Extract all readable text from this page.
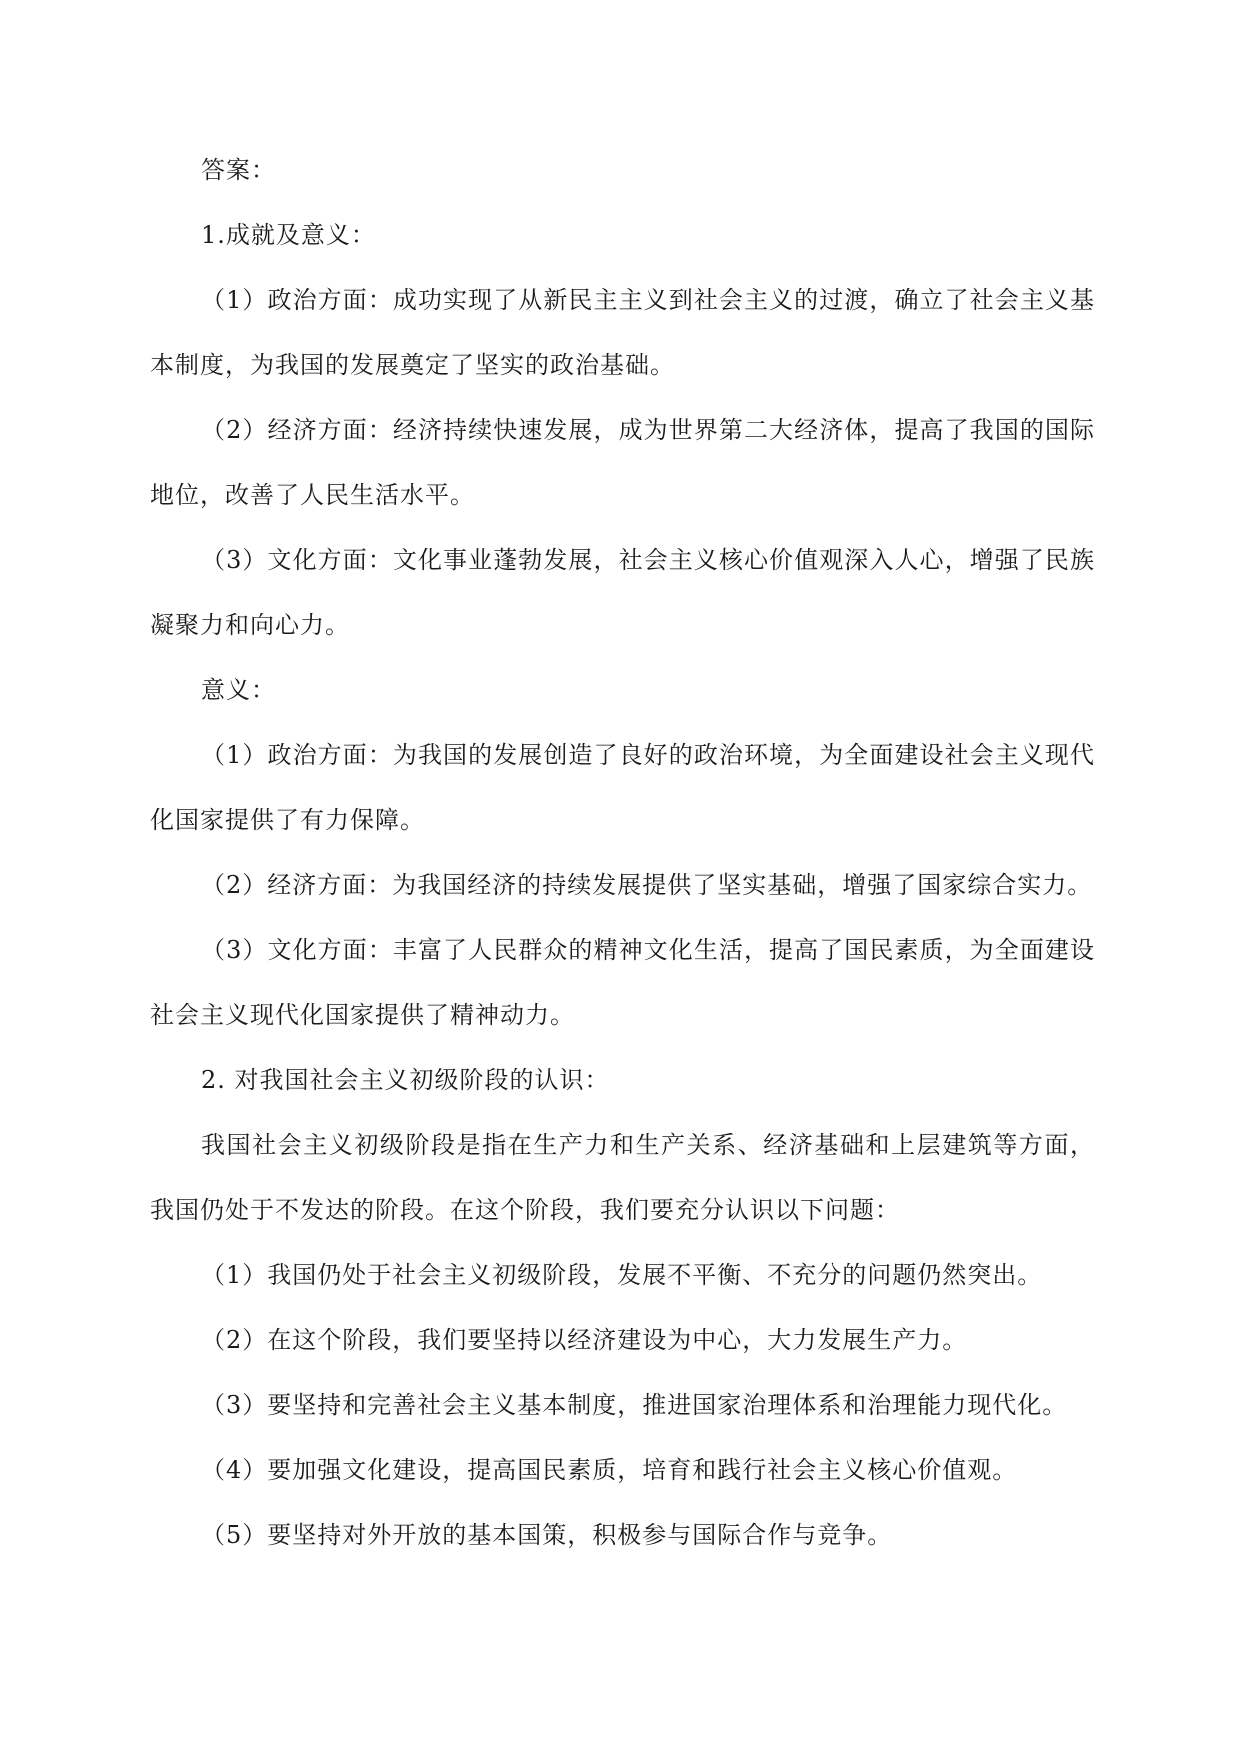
答案：

1.成就及意义：

（1）政治方面：成功实现了从新民主主义到社会主义的过渡，确立了社会主义基本制度，为我国的发展奠定了坚实的政治基础。

（2）经济方面：经济持续快速发展，成为世界第二大经济体，提高了我国的国际地位，改善了人民生活水平。

（3）文化方面：文化事业蓬勃发展，社会主义核心价值观深入人心，增强了民族凝聚力和向心力。

意义：

（1）政治方面：为我国的发展创造了良好的政治环境，为全面建设社会主义现代化国家提供了有力保障。

（2）经济方面：为我国经济的持续发展提供了坚实基础，增强了国家综合实力。

（3）文化方面：丰富了人民群众的精神文化生活，提高了国民素质，为全面建设社会主义现代化国家提供了精神动力。

2. 对我国社会主义初级阶段的认识：

我国社会主义初级阶段是指在生产力和生产关系、经济基础和上层建筑等方面，我国仍处于不发达的阶段。在这个阶段，我们要充分认识以下问题：

（1）我国仍处于社会主义初级阶段，发展不平衡、不充分的问题仍然突出。

（2）在这个阶段，我们要坚持以经济建设为中心，大力发展生产力。

（3）要坚持和完善社会主义基本制度，推进国家治理体系和治理能力现代化。

（4）要加强文化建设，提高国民素质，培育和践行社会主义核心价值观。

（5）要坚持对外开放的基本国策，积极参与国际合作与竞争。
